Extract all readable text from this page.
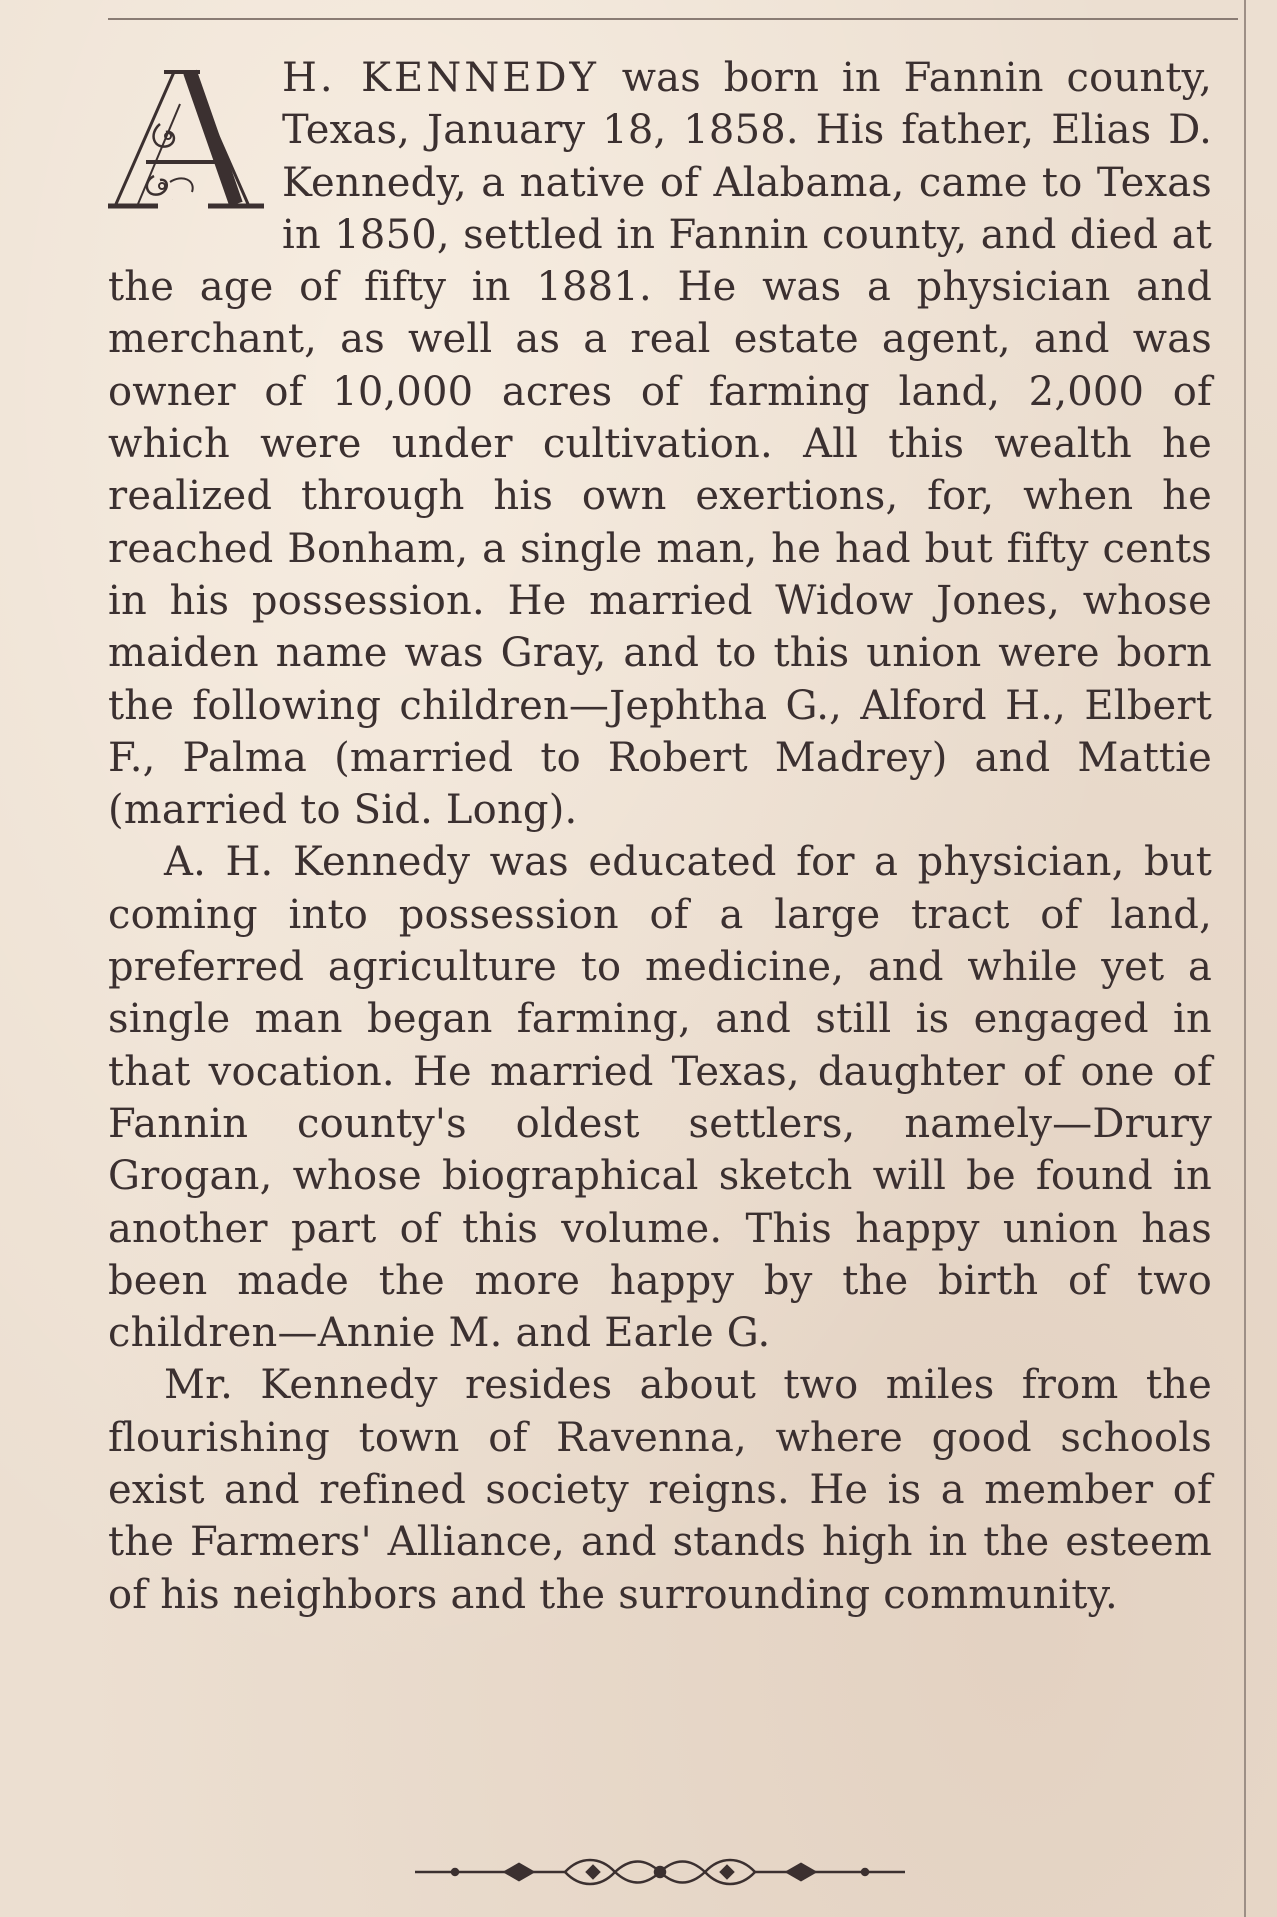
A
H. KENNEDY was born in Fannin county, Texas, January 18, 1858. His father, Elias D. Kennedy, a native of Alabama, came to Texas in 1850, settled in Fannin county, and died at the age of fifty in 1881. He was a physician and merchant, as well as a real estate agent, and was owner of 10,000 acres of farming land, 2,000 of which were under cultivation. All this wealth he realized through his own exertions, for, when he reached Bonham, a single man, he had but fifty cents in his possession. He married Widow Jones, whose maiden name was Gray, and to this union were born the following children—Jephtha G., Alford H., Elbert F., Palma (married to Robert Madrey) and Mattie (married to Sid. Long).

A. H. Kennedy was educated for a physician, but coming into possession of a large tract of land, preferred agriculture to medicine, and while yet a single man began farming, and still is engaged in that vocation. He married Texas, daughter of one of Fannin county's oldest settlers, namely—Drury Grogan, whose biographical sketch will be found in another part of this volume. This happy union has been made the more happy by the birth of two children—Annie M. and Earle G.

Mr. Kennedy resides about two miles from the flourishing town of Ravenna, where good schools exist and refined society reigns. He is a member of the Farmers' Alliance, and stands high in the esteem of his neighbors and the surrounding community.
